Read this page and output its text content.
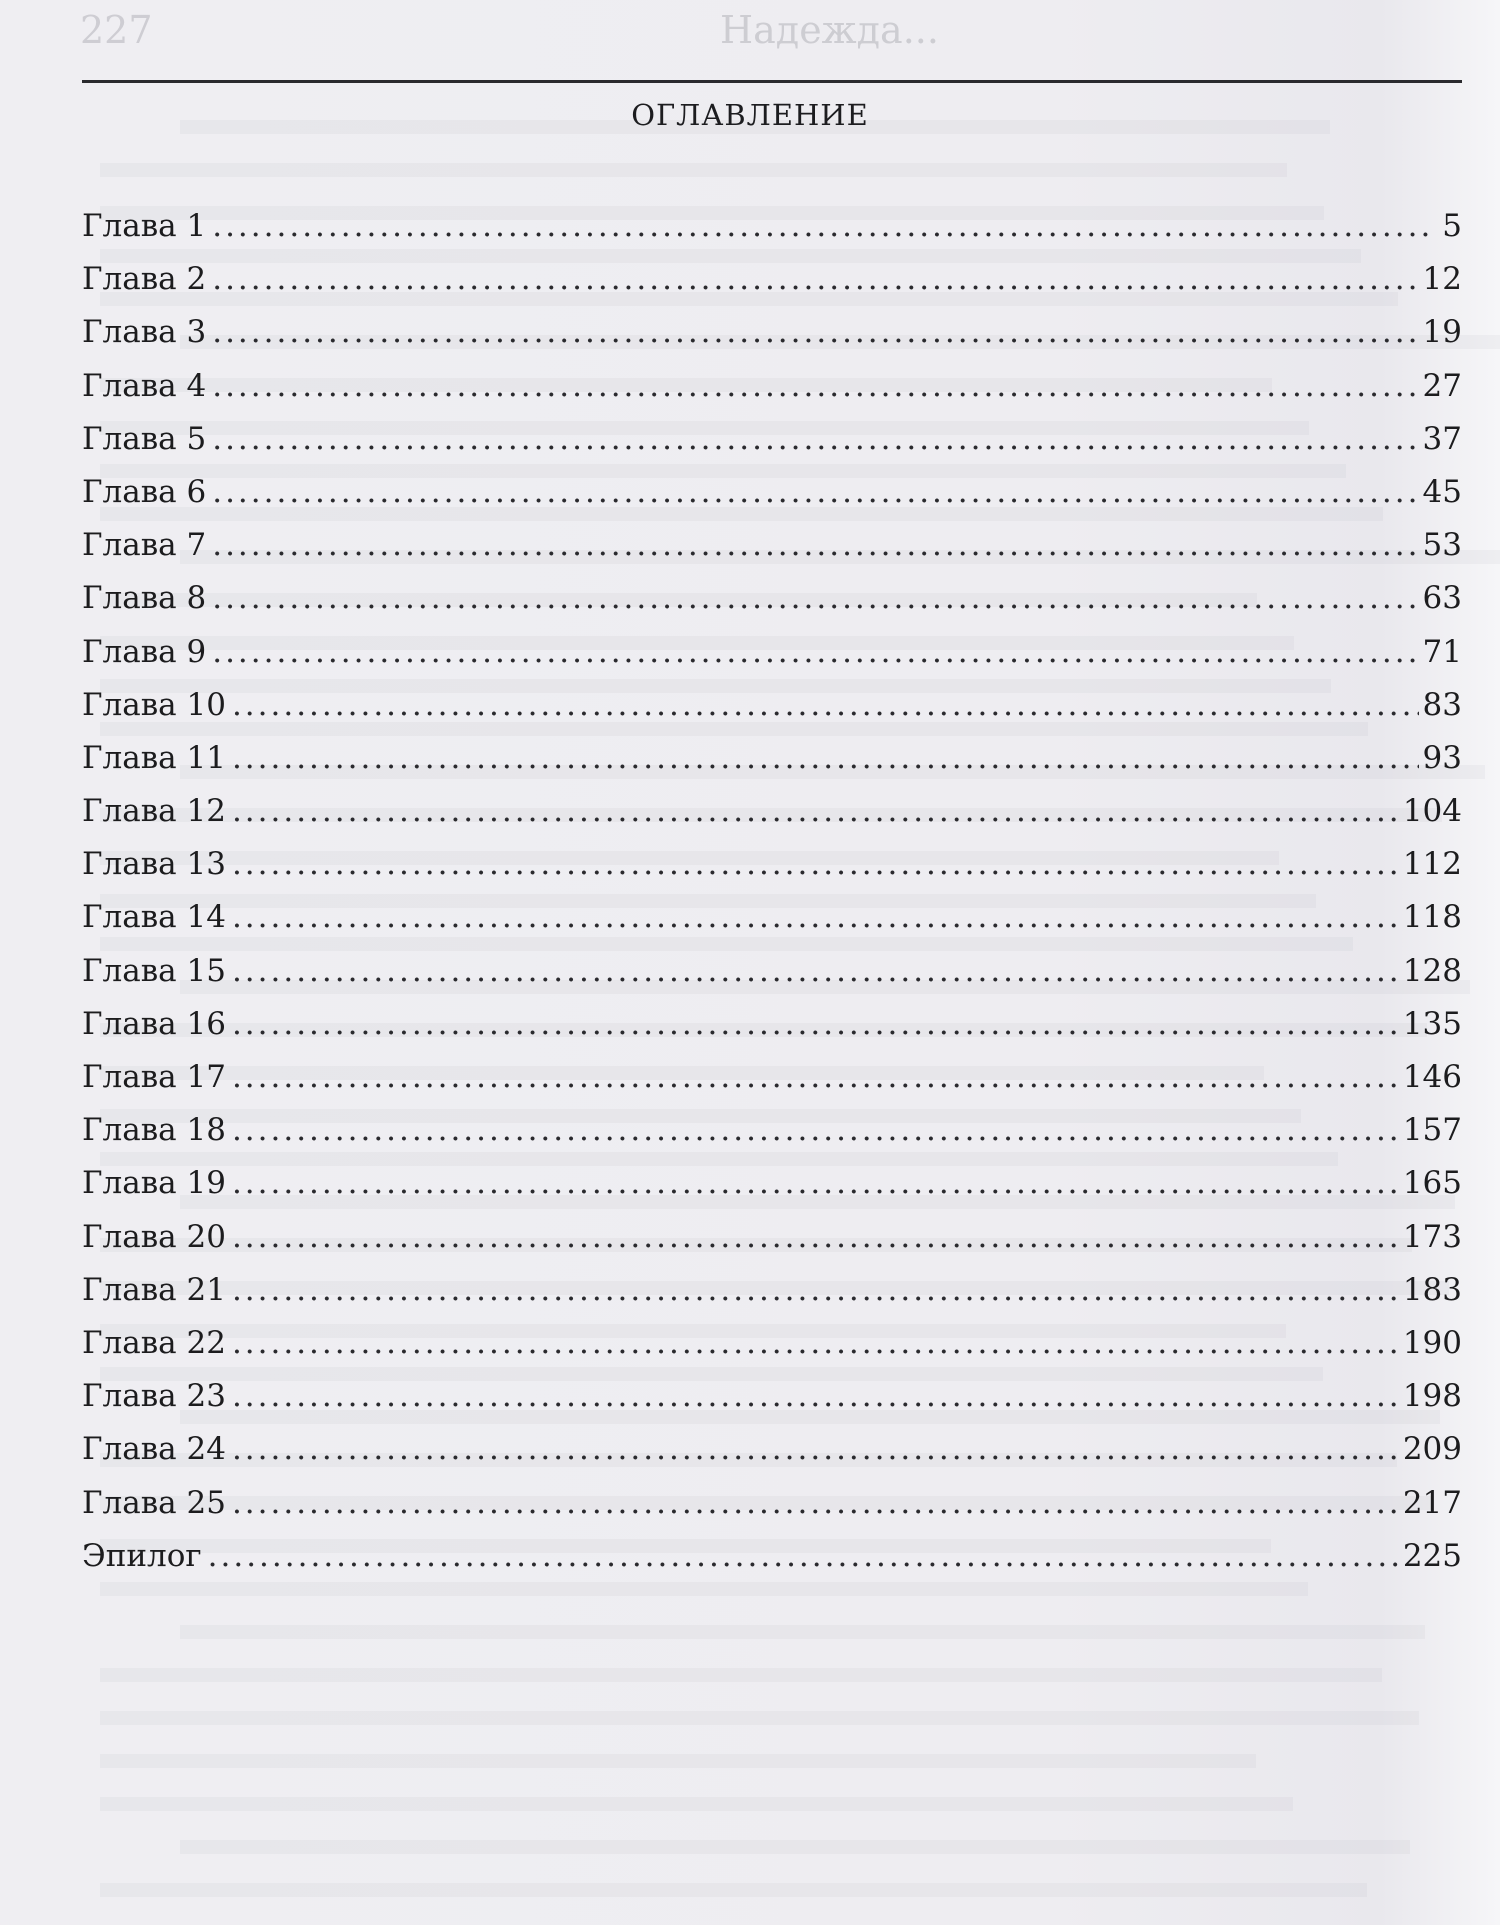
227	Надежда...
ОГЛАВЛЕНИЕ
Глава 1 .....	5
Глава 2 .....	12
Глава 3 .....	19
Глава 4 .....	27
Глава 5 .....	37
Глава 6 .....	45
Глава 7 .....	53
Глава 8 .....	63
Глава 9 .....	71
Глава 10 .....	83
Глава 11 .....	93
Глава 12 .....	104
Глава 13 .....	112
Глава 14 .....	118
Глава 15 .....	128
Глава 16 .....	135
Глава 17 .....	146
Глава 18 .....	157
Глава 19 .....	165
Глава 20 .....	173
Глава 21 .....	183
Глава 22 .....	190
Глава 23 .....	198
Глава 24 .....	209
Глава 25 .....	217
Эпилог .....	225
